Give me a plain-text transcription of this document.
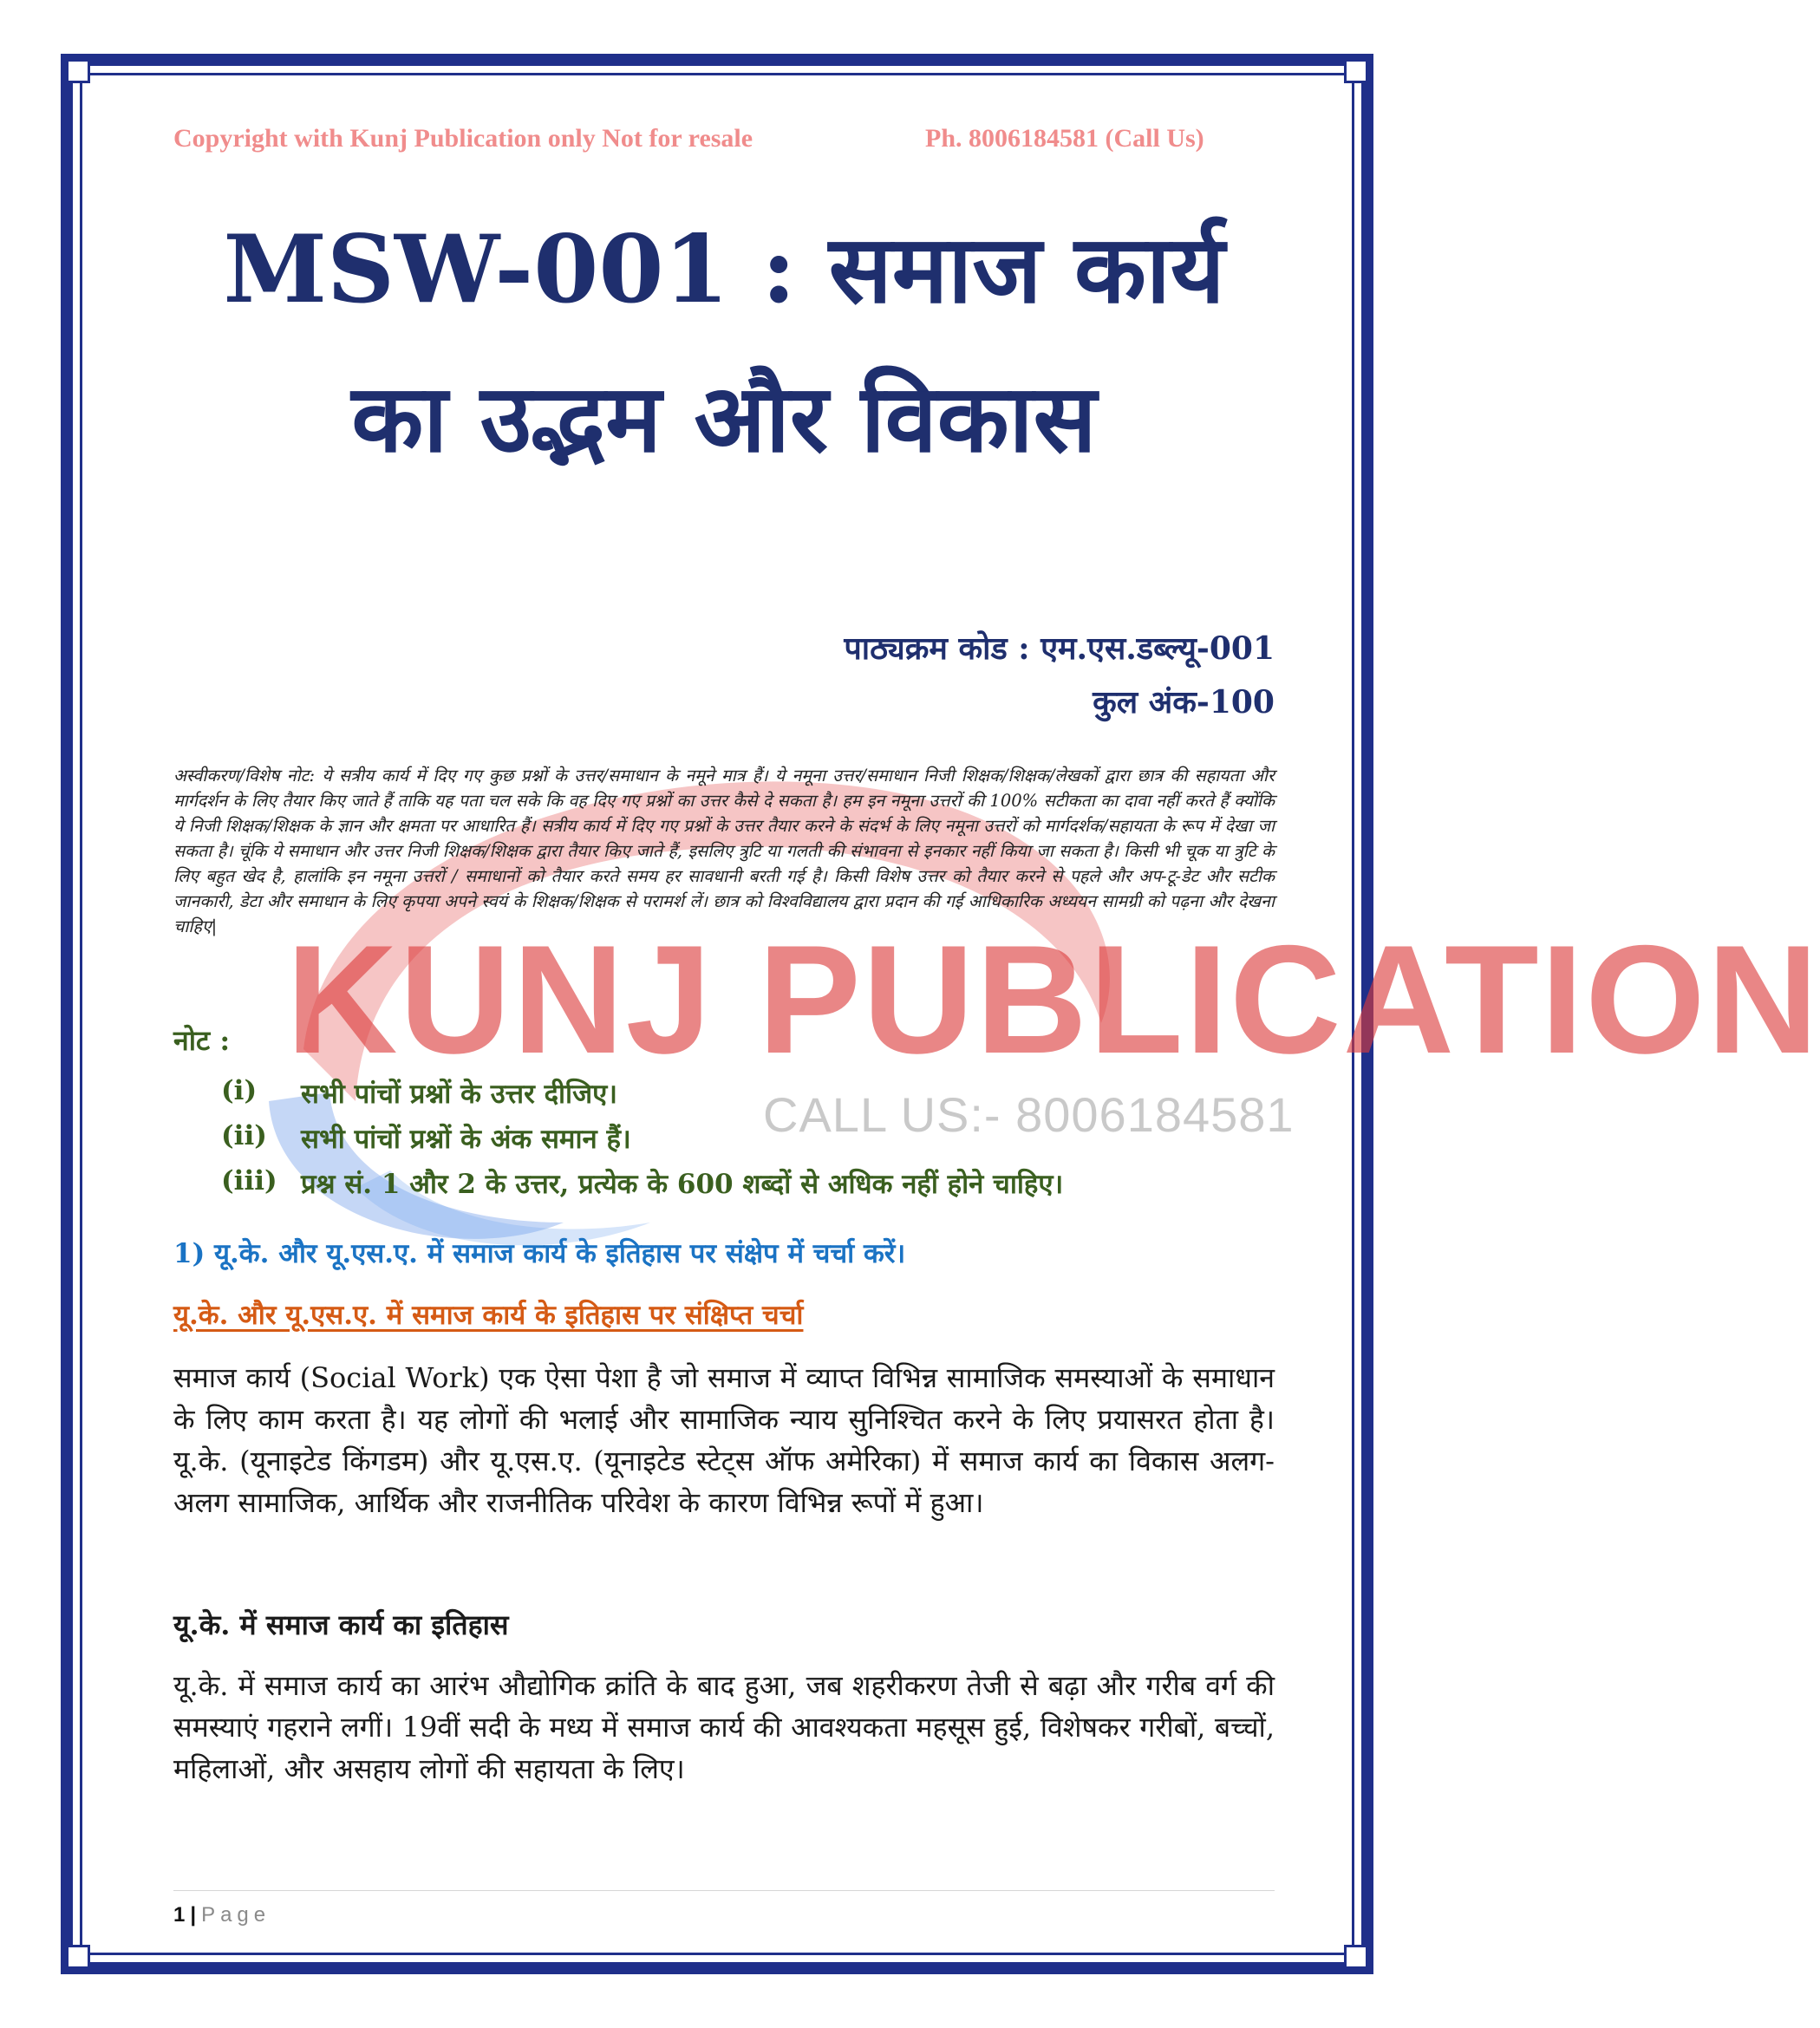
KUNJ PUBLICATION
CALL US:- 8006184581
Copyright with Kunj Publication only Not for resale	Ph. 8006184581 (Call Us)
MSW-001 : समाज कार्य
का उद्भम और विकास
पाठ्यक्रम कोड : एम.एस.डब्ल्यू-001
कुल अंक-100
अस्वीकरण/विशेष नोट: ये सत्रीय कार्य में दिए गए कुछ प्रश्नों के उत्तर/समाधान के नमूने मात्र हैं। ये नमूना उत्तर/समाधान निजी शिक्षक/शिक्षक/लेखकों द्वारा छात्र की सहायता और मार्गदर्शन के लिए तैयार किए जाते हैं ताकि यह पता चल सके कि वह दिए गए प्रश्नों का उत्तर कैसे दे सकता है। हम इन नमूना उत्तरों की 100% सटीकता का दावा नहीं करते हैं क्योंकि ये निजी शिक्षक/शिक्षक के ज्ञान और क्षमता पर आधारित हैं। सत्रीय कार्य में दिए गए प्रश्नों के उत्तर तैयार करने के संदर्भ के लिए नमूना उत्तरों को मार्गदर्शक/सहायता के रूप में देखा जा सकता है। चूंकि ये समाधान और उत्तर निजी शिक्षक/शिक्षक द्वारा तैयार किए जाते हैं, इसलिए त्रुटि या गलती की संभावना से इनकार नहीं किया जा सकता है। किसी भी चूक या त्रुटि के लिए बहुत खेद है, हालांकि इन नमूना उत्तरों / समाधानों को तैयार करते समय हर सावधानी बरती गई है। किसी विशेष उत्तर को तैयार करने से पहले और अप-टू-डेट और सटीक जानकारी, डेटा और समाधान के लिए कृपया अपने स्वयं के शिक्षक/शिक्षक से परामर्श लें। छात्र को विश्वविद्यालय द्वारा प्रदान की गई आधिकारिक अध्ययन सामग्री को पढ़ना और देखना चाहिए|
नोट :
(i) सभी पांचों प्रश्नों के उत्तर दीजिए।
(ii) सभी पांचों प्रश्नों के अंक समान हैं।
(iii) प्रश्न सं. 1 और 2 के उत्तर, प्रत्येक के 600 शब्दों से अधिक नहीं होने चाहिए।
1) यू.के. और यू.एस.ए. में समाज कार्य के इतिहास पर संक्षेप में चर्चा करें।
यू.के. और यू.एस.ए. में समाज कार्य के इतिहास पर संक्षिप्त चर्चा
समाज कार्य (Social Work) एक ऐसा पेशा है जो समाज में व्याप्त विभिन्न सामाजिक समस्याओं के समाधान के लिए काम करता है। यह लोगों की भलाई और सामाजिक न्याय सुनिश्चित करने के लिए प्रयासरत होता है। यू.के. (यूनाइटेड किंगडम) और यू.एस.ए. (यूनाइटेड स्टेट्स ऑफ अमेरिका) में समाज कार्य का विकास अलग-अलग सामाजिक, आर्थिक और राजनीतिक परिवेश के कारण विभिन्न रूपों में हुआ।
यू.के. में समाज कार्य का इतिहास
यू.के. में समाज कार्य का आरंभ औद्योगिक क्रांति के बाद हुआ, जब शहरीकरण तेजी से बढ़ा और गरीब वर्ग की समस्याएं गहराने लगीं। 19वीं सदी के मध्य में समाज कार्य की आवश्यकता महसूस हुई, विशेषकर गरीबों, बच्चों, महिलाओं, और असहाय लोगों की सहायता के लिए।
1 | Page
